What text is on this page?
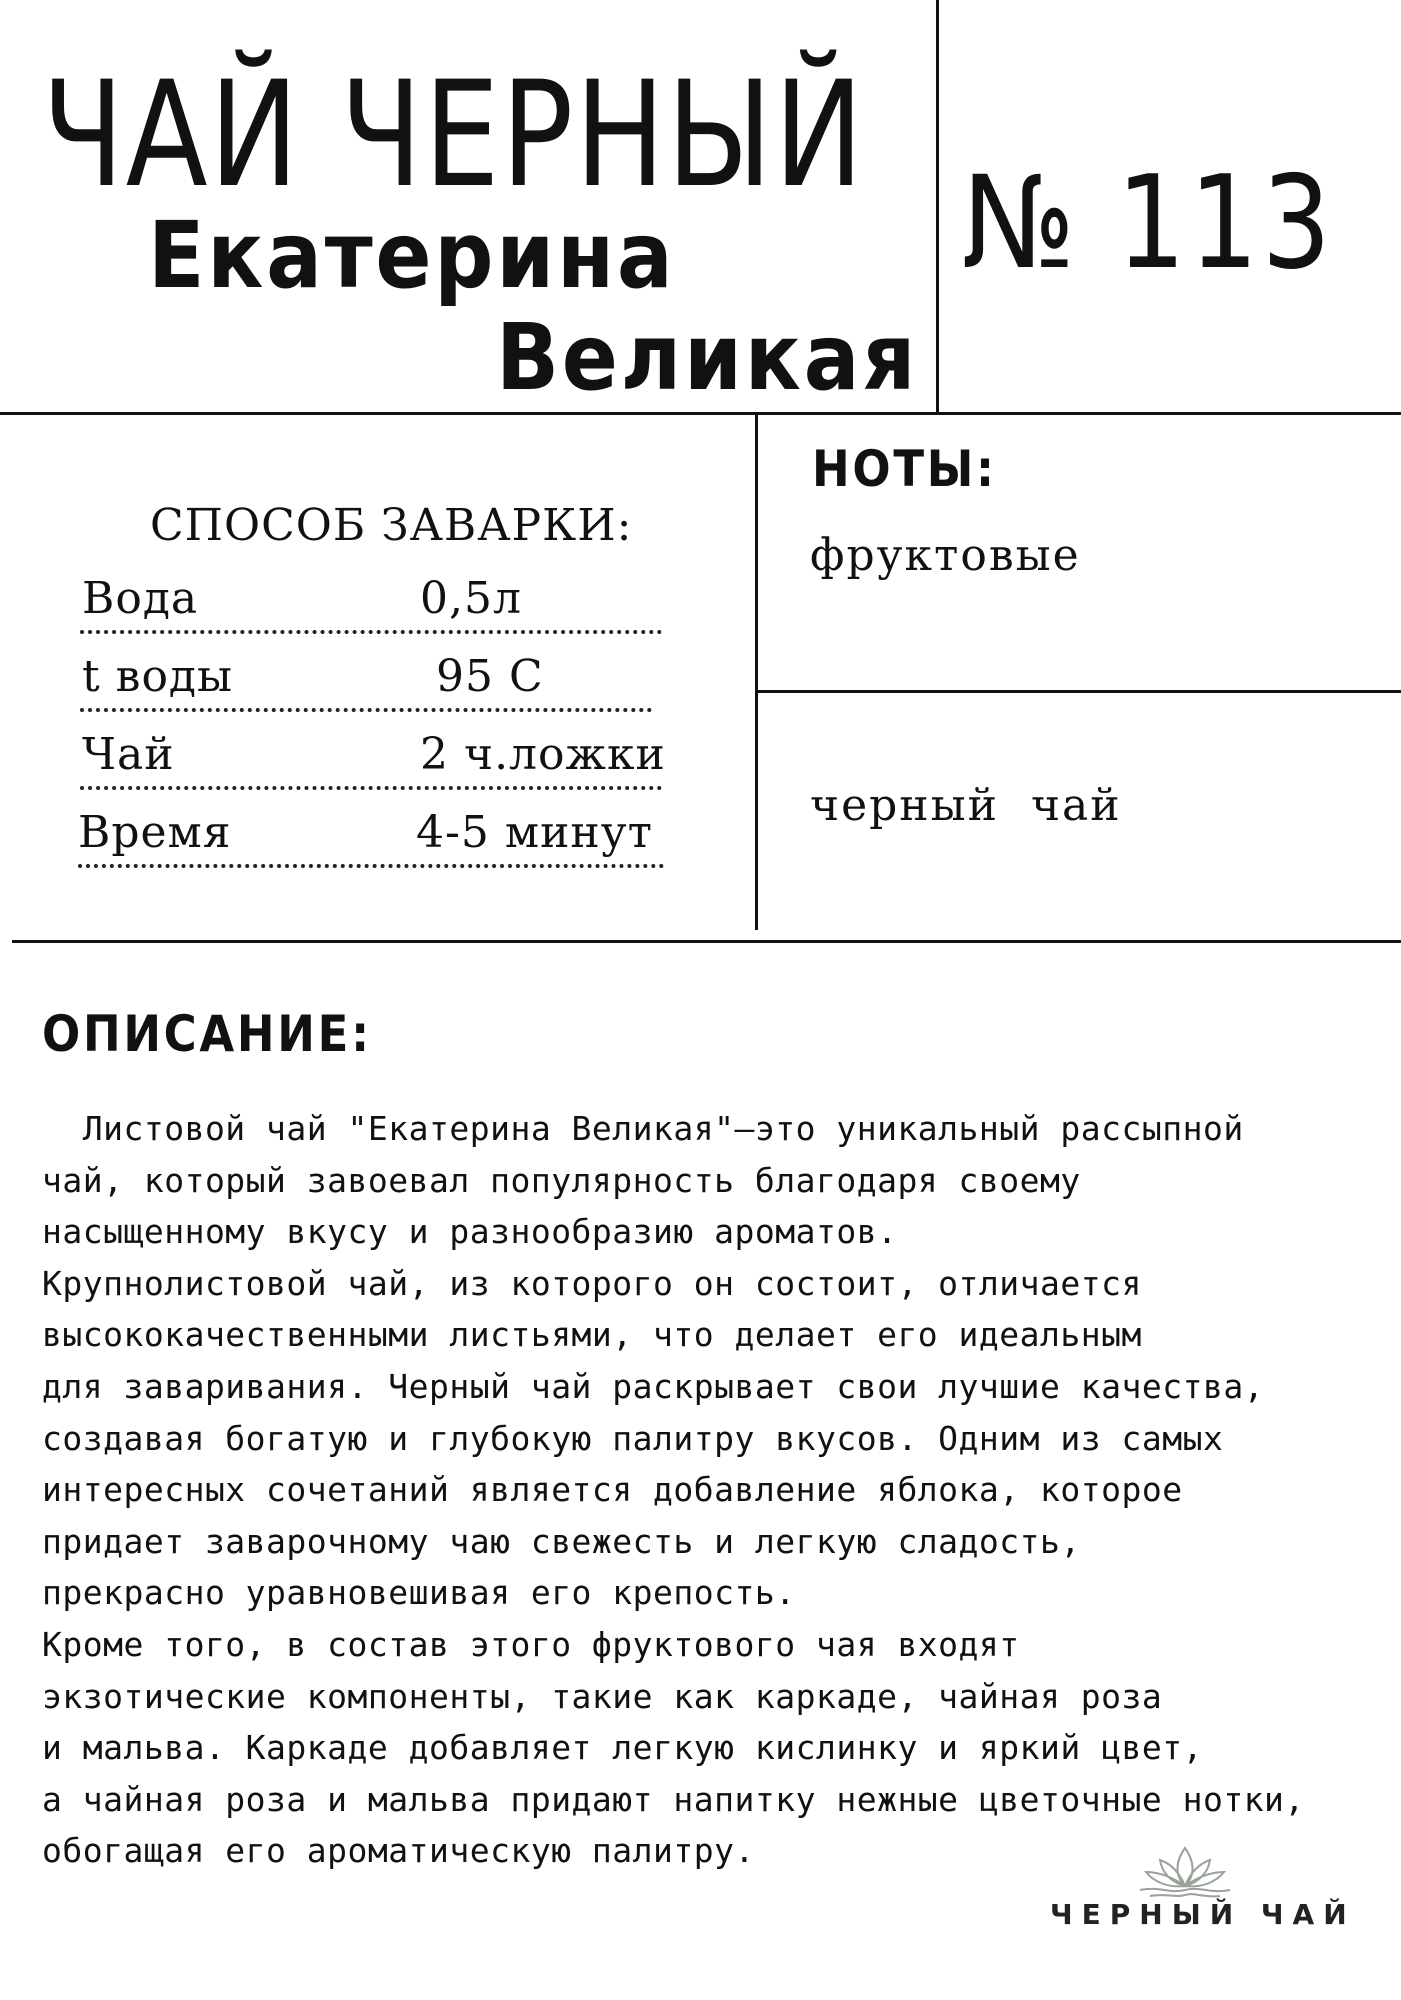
ЧАЙ ЧЕРНЫЙ
Екатерина
Великая
№ 113
СПОСОБ ЗАВАРКИ:
Вода	0,5л
t воды	95 С
Чай	2 ч.ложки
Время	4-5 минут
НОТЫ:

фруктовые

черный  чай

ОПИСАНИЕ:
Листовой чай "Екатерина Великая"—это уникальный рассыпной
чай, который завоевал популярность благодаря своему
насыщенному вкусу и разнообразию ароматов.
Крупнолистовой чай, из которого он состоит, отличается
высококачественными листьями, что делает его идеальным
для заваривания. Черный чай раскрывает свои лучшие качества,
создавая богатую и глубокую палитру вкусов. Одним из самых
интересных сочетаний является добавление яблока, которое
придает заварочному чаю свежесть и легкую сладость,
прекрасно уравновешивая его крепость.
Кроме того, в состав этого фруктового чая входят
экзотические компоненты, такие как каркаде, чайная роза
и мальва. Каркаде добавляет легкую кислинку и яркий цвет,
а чайная роза и мальва придают напитку нежные цветочные нотки,
обогащая его ароматическую палитру.
ЧЕРНЫЙ ЧАЙ
